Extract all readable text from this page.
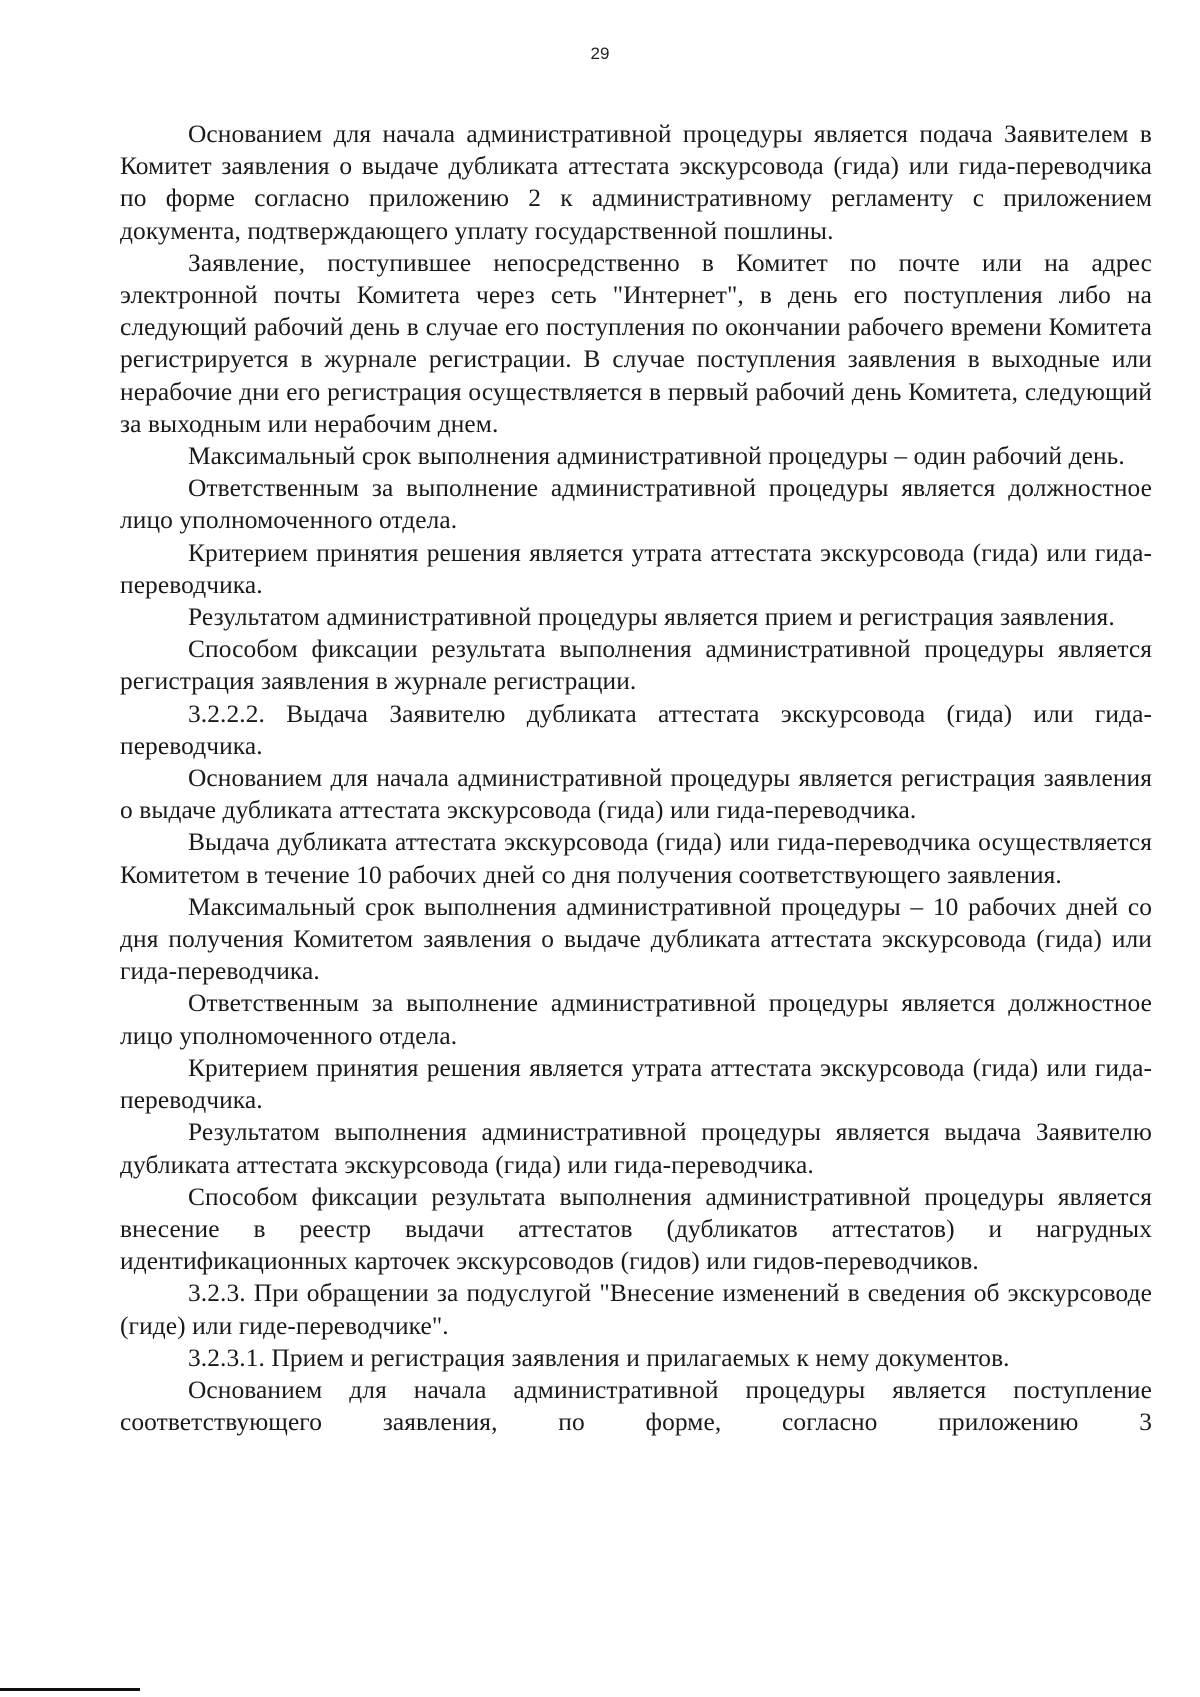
29

Основанием для начала административной процедуры является подача Заявителем в Комитет заявления о выдаче дубликата аттестата экскурсовода (гида) или гида-переводчика по форме согласно приложению 2 к административному регламенту с приложением документа, подтверждающего уплату государственной пошлины.

Заявление, поступившее непосредственно в Комитет по почте или на адрес электронной почты Комитета через сеть "Интернет", в день его поступления либо на следующий рабочий день в случае его поступления по окончании рабочего времени Комитета регистрируется в журнале регистрации. В случае поступления заявления в выходные или нерабочие дни его регистрация осуществляется в первый рабочий день Комитета, следующий за выходным или нерабочим днем.

Максимальный срок выполнения административной процедуры – один рабочий день.

Ответственным за выполнение административной процедуры является должностное лицо уполномоченного отдела.

Критерием принятия решения является утрата аттестата экскурсовода (гида) или гида-переводчика.

Результатом административной процедуры является прием и регистрация заявления.

Способом фиксации результата выполнения административной процедуры является регистрация заявления в журнале регистрации.

3.2.2.2. Выдача Заявителю дубликата аттестата экскурсовода (гида) или гида-переводчика.

Основанием для начала административной процедуры является регистрация заявления о выдаче дубликата аттестата экскурсовода (гида) или гида-переводчика.

Выдача дубликата аттестата экскурсовода (гида) или гида-переводчика осуществляется Комитетом в течение 10 рабочих дней со дня получения соответствующего заявления.

Максимальный срок выполнения административной процедуры – 10 рабочих дней со дня получения Комитетом заявления о выдаче дубликата аттестата экскурсовода (гида) или гида-переводчика.

Ответственным за выполнение административной процедуры является должностное лицо уполномоченного отдела.

Критерием принятия решения является утрата аттестата экскурсовода (гида) или гида-переводчика.

Результатом выполнения административной процедуры является выдача Заявителю дубликата аттестата экскурсовода (гида) или гида-переводчика.

Способом фиксации результата выполнения административной процедуры является внесение в реестр выдачи аттестатов (дубликатов аттестатов) и нагрудных идентификационных карточек экскурсоводов (гидов) или гидов-переводчиков.

3.2.3. При обращении за подуслугой "Внесение изменений в сведения об экскурсоводе (гиде) или гиде-переводчике".

3.2.3.1. Прием и регистрация заявления и прилагаемых к нему документов.

Основанием для начала административной процедуры является поступление соответствующего заявления, по форме, согласно приложению 3
